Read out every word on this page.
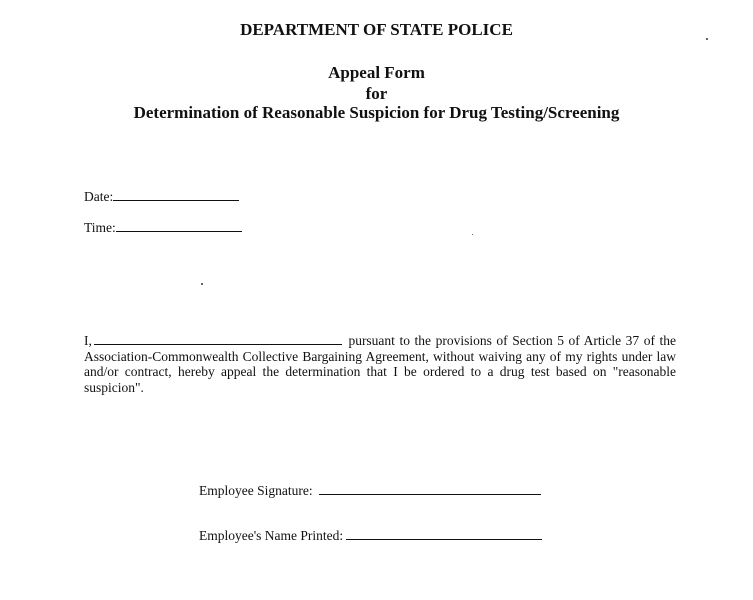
DEPARTMENT OF STATE POLICE
Appeal Form
for
Determination of Reasonable Suspicion for Drug Testing/Screening
Date:
Time:
I,	pursuant to the provisions of Section 5 of Article 37 of the Association-Commonwealth Collective Bargaining Agreement, without waiving any of my rights under law and/or contract, hereby appeal the determination that I be ordered to a drug test based on "reasonable suspicion".
Employee Signature:
Employee's Name Printed:
